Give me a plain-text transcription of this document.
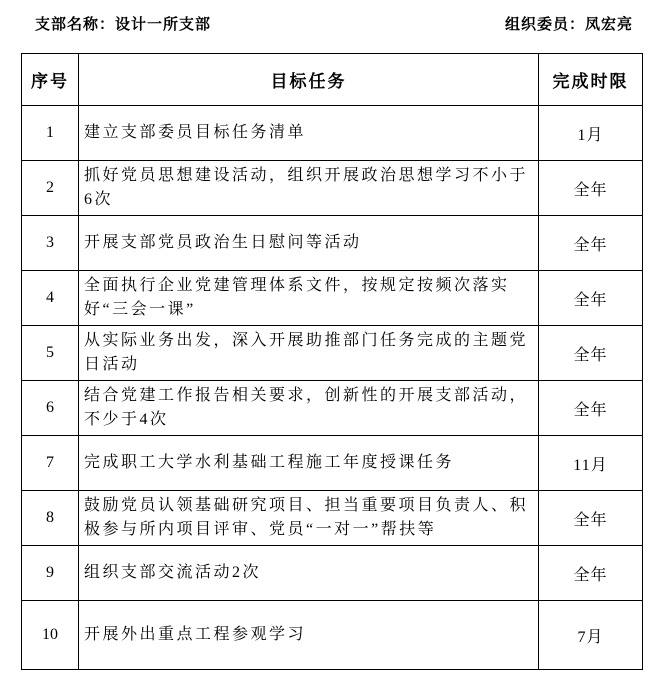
支部名称：设计一所支部	组织委员：凤宏亮
序号	目标任务	完成时限
1	建立支部委员目标任务清单	1月
2	抓好党员思想建设活动，组织开展政治思想学习不小于6次	全年
3	开展支部党员政治生日慰问等活动	全年
4	全面执行企业党建管理体系文件，按规定按频次落实好“三会一课”	全年
5	从实际业务出发，深入开展助推部门任务完成的主题党日活动	全年
6	结合党建工作报告相关要求，创新性的开展支部活动，不少于4次	全年
7	完成职工大学水利基础工程施工年度授课任务	11月
8	鼓励党员认领基础研究项目、担当重要项目负责人、积极参与所内项目评审、党员“一对一”帮扶等	全年
9	组织支部交流活动2次	全年
10	开展外出重点工程参观学习	7月
